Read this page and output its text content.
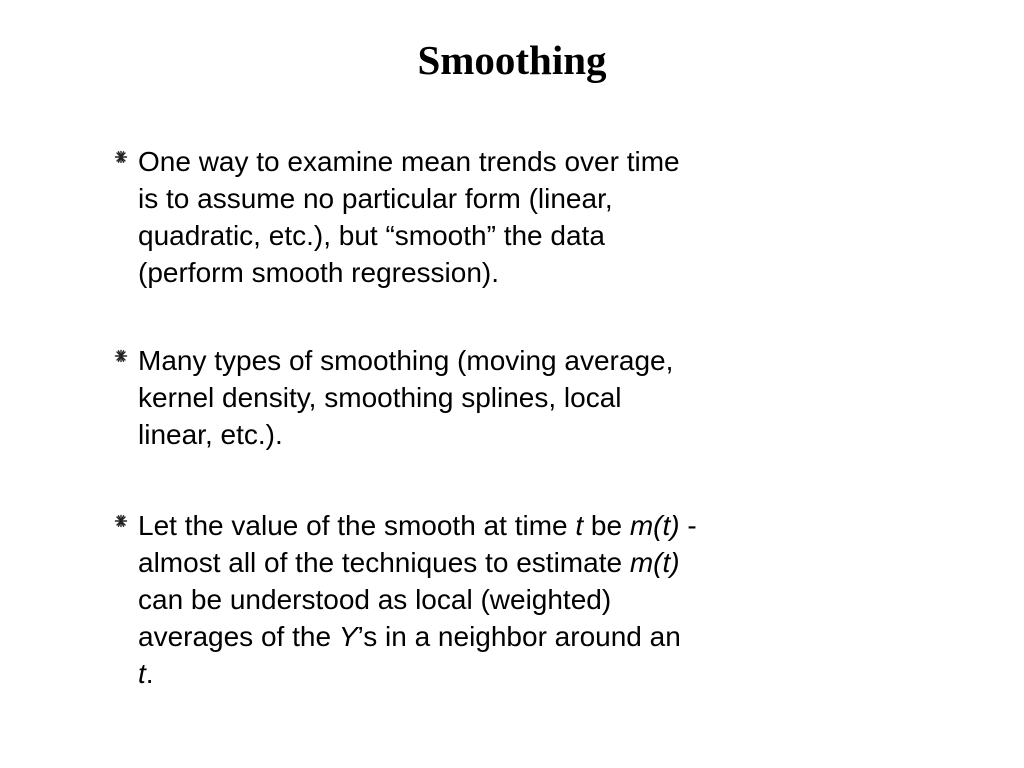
Smoothing
One way to examine mean trends over time
is to assume no particular form (linear,
quadratic, etc.), but “smooth” the data
(perform smooth regression).
Many types of smoothing (moving average,
kernel density, smoothing splines, local
linear, etc.).
Let the value of the smooth at time t be m(t) -
almost all of the techniques to estimate m(t)
can be understood as local (weighted)
averages of the Y’s in a neighbor around an
t.
